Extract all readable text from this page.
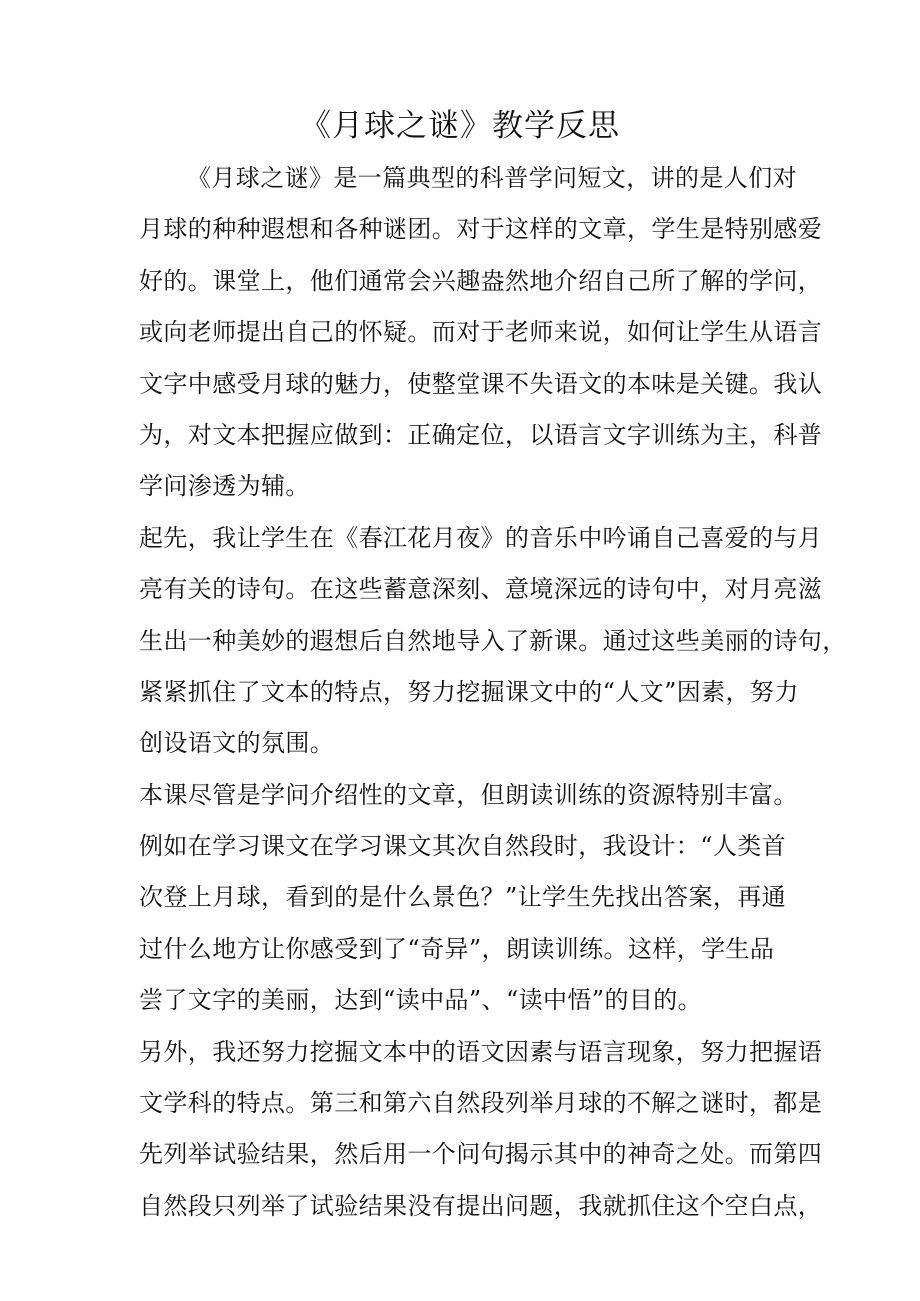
《月球之谜》教学反思
《月球之谜》是一篇典型的科普学问短文，讲的是人们对
月球的种种遐想和各种谜团。对于这样的文章，学生是特别感爱
好的。课堂上，他们通常会兴趣盎然地介绍自己所了解的学问，
或向老师提出自己的怀疑。而对于老师来说，如何让学生从语言
文字中感受月球的魅力，使整堂课不失语文的本味是关键。我认
为，对文本把握应做到：正确定位，以语言文字训练为主，科普
学问渗透为辅。
起先，我让学生在《春江花月夜》的音乐中吟诵自己喜爱的与月
亮有关的诗句。在这些蓄意深刻、意境深远的诗句中，对月亮滋
生出一种美妙的遐想后自然地导入了新课。通过这些美丽的诗句，
紧紧抓住了文本的特点，努力挖掘课文中的“人文”因素，努力
创设语文的氛围。
本课尽管是学问介绍性的文章，但朗读训练的资源特别丰富。
例如在学习课文在学习课文其次自然段时，我设计：“人类首
次登上月球，看到的是什么景色？”让学生先找出答案，再通
过什么地方让你感受到了“奇异”，朗读训练。这样，学生品
尝了文字的美丽，达到“读中品”、“读中悟”的目的。
另外，我还努力挖掘文本中的语文因素与语言现象，努力把握语
文学科的特点。第三和第六自然段列举月球的不解之谜时，都是
先列举试验结果，然后用一个问句揭示其中的神奇之处。而第四
自然段只列举了试验结果没有提出问题，我就抓住这个空白点，
